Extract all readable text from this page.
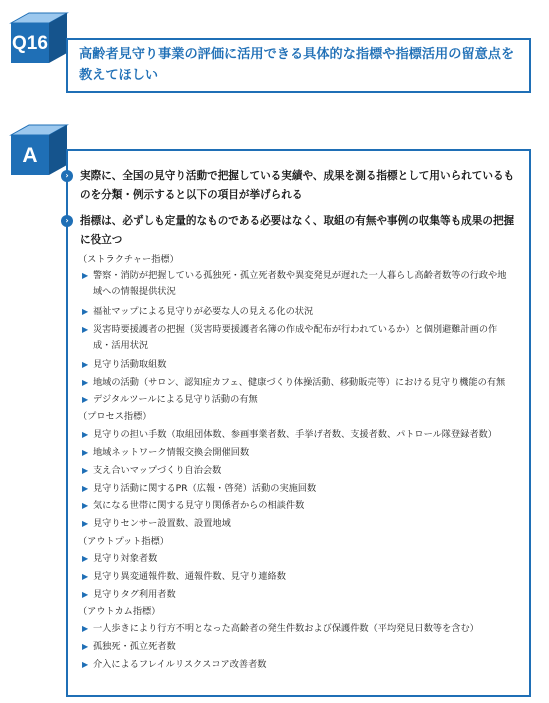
Q16
高齢者見守り事業の評価に活用できる具体的な指標や指標活用の留意点を教えてほしい
A
›	実際に、全国の見守り活動で把握している実績や、成果を測る指標として用いられているものを分類・例示すると以下の項目が挙げられる
›	指標は、必ずしも定量的なものである必要はなく、取組の有無や事例の収集等も成果の把握に役立つ
（ストラクチャー指標）
▶ 警察・消防が把握している孤独死・孤立死者数や異変発見が遅れた一人暮らし高齢者数等の行政や地域への情報提供状況
▶ 福祉マップによる見守りが必要な人の見える化の状況
▶ 災害時要援護者の把握（災害時要援護者名簿の作成や配布が行われているか）と個別避難計画の作成・活用状況
▶ 見守り活動取組数
▶ 地域の活動（サロン、認知症カフェ、健康づくり体操活動、移動販売等）における見守り機能の有無
▶ デジタルツールによる見守り活動の有無
（プロセス指標）
▶ 見守りの担い手数（取組団体数、参画事業者数、手挙げ者数、支援者数、パトロール隊登録者数）
▶ 地域ネットワーク情報交換会開催回数
▶ 支え合いマップづくり自治会数
▶ 見守り活動に関するPR（広報・啓発）活動の実施回数
▶ 気になる世帯に関する見守り関係者からの相談件数
▶ 見守りセンサー設置数、設置地域
（アウトプット指標）
▶ 見守り対象者数
▶ 見守り異変通報件数、通報件数、見守り連絡数
▶ 見守りタグ利用者数
（アウトカム指標）
▶ 一人歩きにより行方不明となった高齢者の発生件数および保護件数（平均発見日数等を含む）
▶ 孤独死・孤立死者数
▶ 介入によるフレイルリスクスコア改善者数
